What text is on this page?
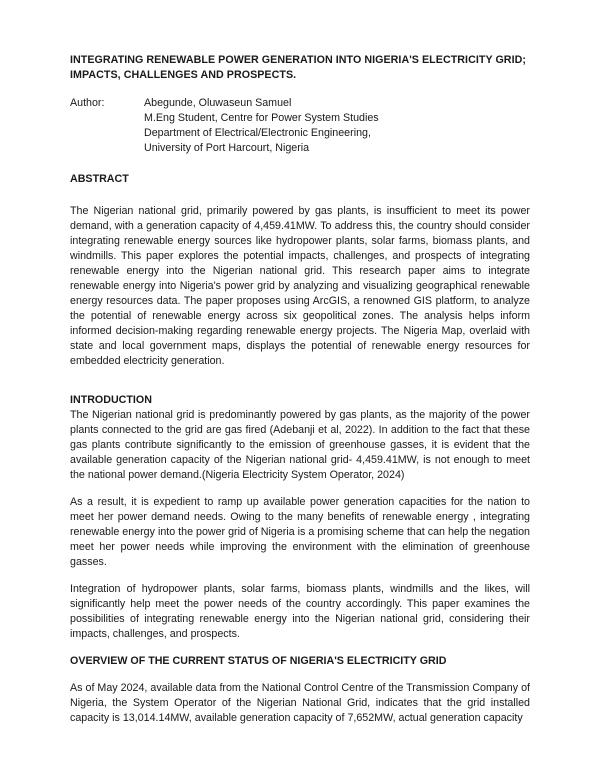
INTEGRATING RENEWABLE POWER GENERATION INTO NIGERIA'S ELECTRICITY GRID; IMPACTS, CHALLENGES AND PROSPECTS.
Author:	Abegunde, Oluwaseun Samuel
M.Eng Student, Centre for Power System Studies
Department of Electrical/Electronic Engineering,
University of Port Harcourt, Nigeria
ABSTRACT

The Nigerian national grid, primarily powered by gas plants, is insufficient to meet its power demand, with a generation capacity of 4,459.41MW. To address this, the country should consider integrating renewable energy sources like hydropower plants, solar farms, biomass plants, and windmills. This paper explores the potential impacts, challenges, and prospects of integrating renewable energy into the Nigerian national grid. This research paper aims to integrate renewable energy into Nigeria's power grid by analyzing and visualizing geographical renewable energy resources data. The paper proposes using ArcGIS, a renowned GIS platform, to analyze the potential of renewable energy across six geopolitical zones. The analysis helps inform informed decision-making regarding renewable energy projects. The Nigeria Map, overlaid with state and local government maps, displays the potential of renewable energy resources for embedded electricity generation.

INTRODUCTION

The Nigerian national grid is predominantly powered by gas plants, as the majority of the power plants connected to the grid are gas fired (Adebanji et al, 2022). In addition to the fact that these gas plants contribute significantly to the emission of greenhouse gasses, it is evident that the available generation capacity of the Nigerian national grid- 4,459.41MW, is not enough to meet the national power demand.(Nigeria Electricity System Operator, 2024)

As a result, it is expedient to ramp up available power generation capacities for the nation to meet her power demand needs. Owing to the many benefits of renewable energy , integrating renewable energy into the power grid of Nigeria is a promising scheme that can help the negation meet her power needs while improving the environment with the elimination of greenhouse gasses.

Integration of hydropower plants, solar farms, biomass plants, windmills and the likes, will significantly help meet the power needs of the country accordingly. This paper examines the possibilities of integrating renewable energy into the Nigerian national grid, considering their impacts, challenges, and prospects.

OVERVIEW OF THE CURRENT STATUS OF NIGERIA'S ELECTRICITY GRID

As of May 2024, available data from the National Control Centre of the Transmission Company of Nigeria, the System Operator of the Nigerian National Grid, indicates that the grid installed capacity is 13,014.14MW, available generation capacity of 7,652MW, actual generation capacity
